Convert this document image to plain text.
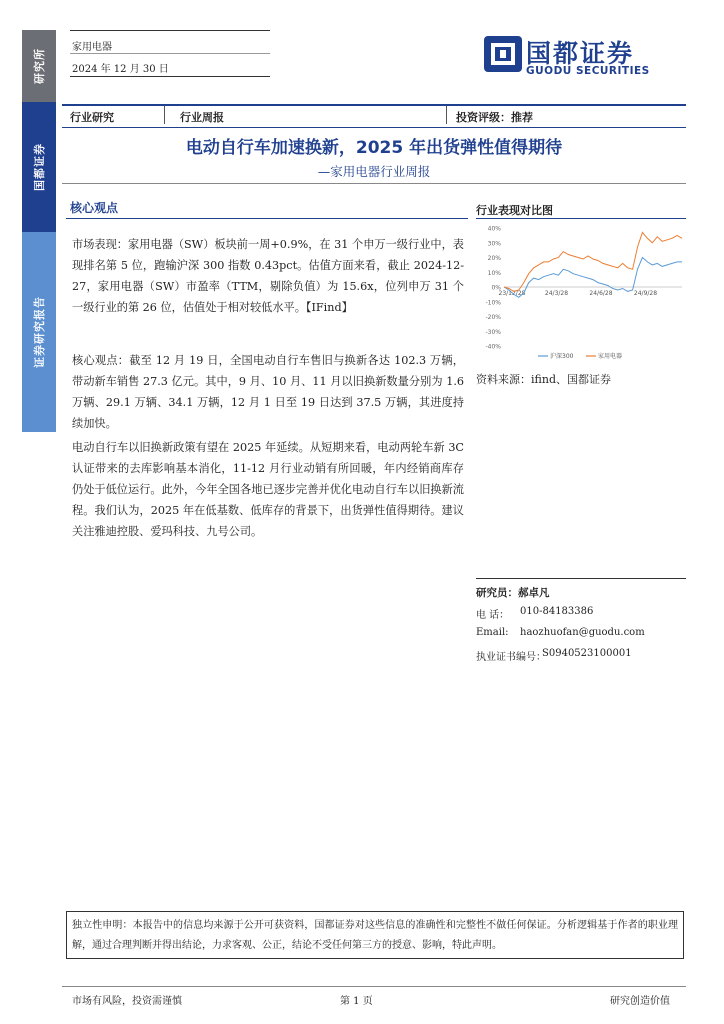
研究所
国都证券
证券研究报告
家用电器
2024 年 12 月 30 日
国都证券
GUODU SECURITIES
行业研究	行业周报	投资评级：推荐
电动自行车加速换新，2025 年出货弹性值得期待
—家用电器行业周报
核心观点

市场表现：家用电器（SW）板块前一周+0.9%，在 31 个申万一级行业中，表现排名第 5 位，跑输沪深 300 指数 0.43pct。估值方面来看，截止 2024-12-27，家用电器（SW）市盈率（TTM，剔除负值）为 15.6x，位列申万 31 个一级行业的第 26 位，估值处于相对较低水平。【IFind】

核心观点：截至 12 月 19 日，全国电动自行车售旧与换新各达 102.3 万辆，带动新车销售 27.3 亿元。其中，9 月、10 月、11 月以旧换新数量分别为 1.6 万辆、29.1 万辆、34.1 万辆，12 月 1 日至 19 日达到 37.5 万辆，其进度持续加快。

电动自行车以旧换新政策有望在 2025 年延续。从短期来看，电动两轮车新 3C 认证带来的去库影响基本消化，11-12 月行业动销有所回暖，年内经销商库存仍处于低位运行。此外，今年全国各地已逐步完善并优化电动自行车以旧换新流程。我们认为，2025 年在低基数、低库存的背景下，出货弹性值得期待。建议关注雅迪控股、爱玛科技、九号公司。

行业表现对比图
40%
30%
20%
10%
0%
-10%
-20%
-30%
-40%
23/12/28	24/3/28	24/6/28	24/9/28
沪深300	家用电器
资料来源：ifind、国都证券
研究员：郝卓凡
电 话： 010-84183386
Email: haozhuofan@guodu.com
执业证书编号：
S0940523100001
独立性申明：本报告中的信息均来源于公开可获资料，国都证券对这些信息的准确性和完整性不做任何保证。分析逻辑基于作者的职业理解，通过合理判断并得出结论，力求客观、公正，结论不受任何第三方的授意、影响，特此声明。
市场有风险，投资需谨慎	第 1 页	研究创造价值
